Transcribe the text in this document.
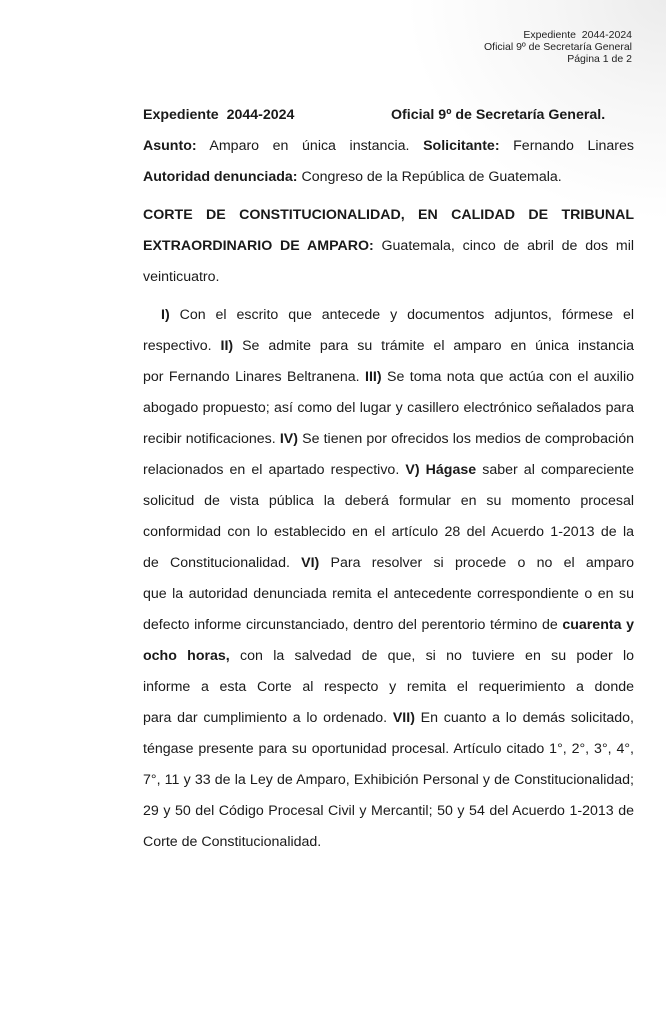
Expediente  2044-2024
Oficial 9º de Secretaría General
Página 1 de 2
Expediente  2044-2024	Oficial 9º de Secretaría General.
Asunto: Amparo en única instancia. Solicitante: Fernando Linares
Autoridad denunciada: Congreso de la República de Guatemala.
CORTE DE CONSTITUCIONALIDAD, EN CALIDAD DE TRIBUNAL
EXTRAORDINARIO DE AMPARO: Guatemala, cinco de abril de dos mil
veinticuatro.
I) Con el escrito que antecede y documentos adjuntos, fórmese el
respectivo. II) Se admite para su trámite el amparo en única instancia
por Fernando Linares Beltranena. III) Se toma nota que actúa con el auxilio
abogado propuesto; así como del lugar y casillero electrónico señalados para
recibir notificaciones. IV) Se tienen por ofrecidos los medios de comprobación
relacionados en el apartado respectivo. V) Hágase saber al compareciente
solicitud de vista pública la deberá formular en su momento procesal
conformidad con lo establecido en el artículo 28 del Acuerdo 1-2013 de la
de Constitucionalidad. VI) Para resolver si procede o no el amparo
que la autoridad denunciada remita el antecedente correspondiente o en su
defecto informe circunstanciado, dentro del perentorio término de cuarenta y
ocho horas, con la salvedad de que, si no tuviere en su poder lo
informe a esta Corte al respecto y remita el requerimiento a donde
para dar cumplimiento a lo ordenado. VII) En cuanto a lo demás solicitado,
téngase presente para su oportunidad procesal. Artículo citado 1°, 2°, 3°, 4°,
7°, 11 y 33 de la Ley de Amparo, Exhibición Personal y de Constitucionalidad;
29 y 50 del Código Procesal Civil y Mercantil; 50 y 54 del Acuerdo 1-2013 de
Corte de Constitucionalidad.
